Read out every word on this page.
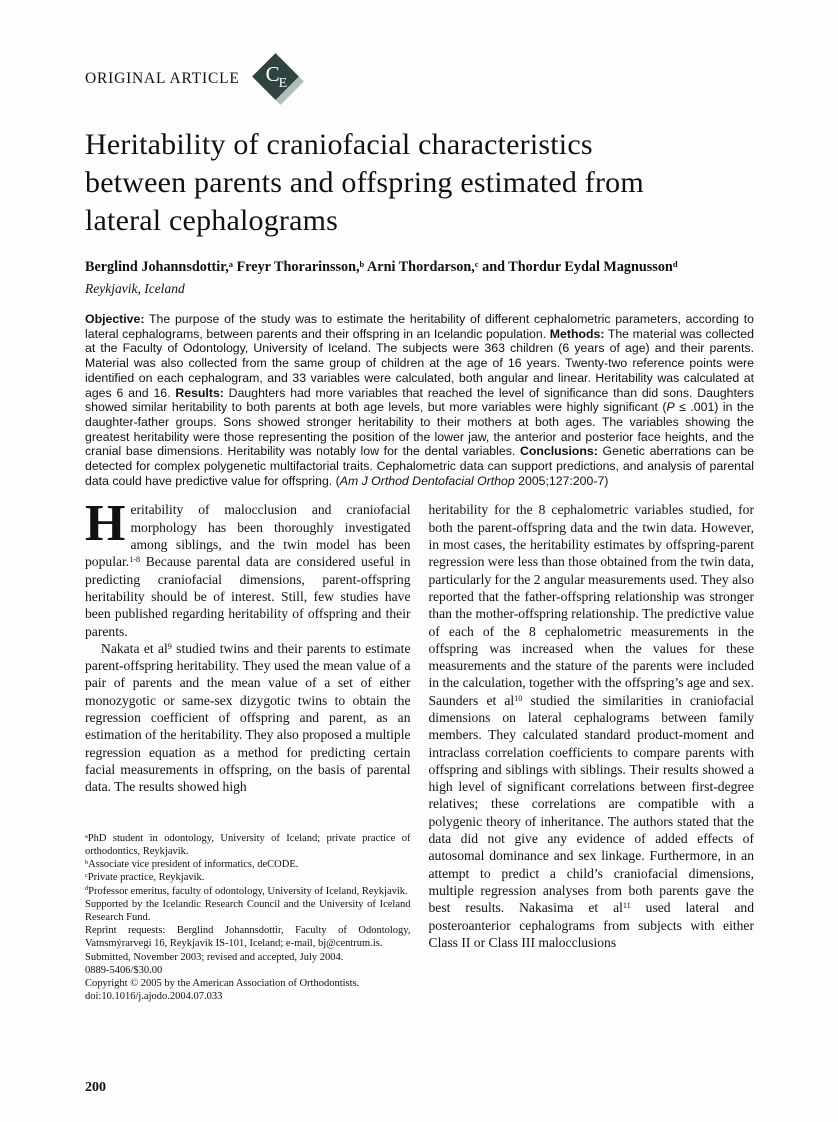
ORIGINAL ARTICLE C
E
Heritability of craniofacial characteristics
between parents and offspring estimated from
lateral cephalograms

Berglind Johannsdottir,$^a$ Freyr Thorarinsson,$^b$ Arni Thordarson,$^c$ and Thordur Eydal Magnusson$^d$

Reykjavik, Iceland

Objective: The purpose of the study was to estimate the heritability of different cephalometric parameters, according to lateral cephalograms, between parents and their offspring in an Icelandic population. Methods: The material was collected at the Faculty of Odontology, University of Iceland. The subjects were 363 children (6 years of age) and their parents. Material was also collected from the same group of children at the age of 16 years. Twenty-two reference points were identified on each cephalogram, and 33 variables were calculated, both angular and linear. Heritability was calculated at ages 6 and 16. Results: Daughters had more variables that reached the level of significance than did sons. Daughters showed similar heritability to both parents at both age levels, but more variables were highly significant (P ≤ .001) in the daughter-father groups. Sons showed stronger heritability to their mothers at both ages. The variables showing the greatest heritability were those representing the position of the lower jaw, the anterior and posterior face heights, and the cranial base dimensions. Heritability was notably low for the dental variables. Conclusions: Genetic aberrations can be detected for complex polygenetic multifactorial traits. Cephalometric data can support predictions, and analysis of parental data could have predictive value for offspring. (Am J Orthod Dentofacial Orthop 2005;127:200-7)

Heritability of malocclusion and craniofacial morphology has been thoroughly investigated among siblings, and the twin model has been popular.$^{1-8}$ Because parental data are considered useful in predicting craniofacial dimensions, parent-offspring heritability should be of interest. Still, few studies have been published regarding heritability of offspring and their parents.

Nakata et $al^9$ studied twins and their parents to estimate parent-offspring heritability. They used the mean value of a pair of parents and the mean value of a set of either monozygotic or same-sex dizygotic twins to obtain the regression coefficient of offspring and parent, as an estimation of the heritability. They also proposed a multiple regression equation as a method for predicting certain facial measurements in offspring, on the basis of parental data. The results showed high

$^a$PhD student in odontology, University of Iceland; private practice of orthodontics, Reykjavik.

$^b$Associate vice president of informatics, deCODE.

$^c$Private practice, Reykjavik.

$^d$Professor emeritus, faculty of odontology, University of Iceland, Reykjavik.

Supported by the Icelandic Research Council and the University of Iceland Research Fund.

Reprint requests: Berglind Johannsdottir, Faculty of Odontology, Vatnsmýrarvegi 16, Reykjavik IS-101, Iceland; e-mail, bj@centrum.is.

Submitted, November 2003; revised and accepted, July 2004.

0889-5406/$30.00

Copyright © 2005 by the American Association of Orthodontists.

doi:10.1016/j.ajodo.2004.07.033

heritability for the 8 cephalometric variables studied, for both the parent-offspring data and the twin data. However, in most cases, the heritability estimates by offspring-parent regression were less than those obtained from the twin data, particularly for the 2 angular measurements used. They also reported that the father-offspring relationship was stronger than the mother-offspring relationship. The predictive value of each of the 8 cephalometric measurements in the offspring was increased when the values for these measurements and the stature of the parents were included in the calculation, together with the offspring’s age and sex. Saunders et $al^{10}$ studied the similarities in craniofacial dimensions on lateral cephalograms between family members. They calculated standard product-moment and intraclass correlation coefficients to compare parents with offspring and siblings with siblings. Their results showed a high level of significant correlations between first-degree relatives; these correlations are compatible with a polygenic theory of inheritance. The authors stated that the data did not give any evidence of added effects of autosomal dominance and sex linkage. Furthermore, in an attempt to predict a child’s craniofacial dimensions, multiple regression analyses from both parents gave the best results. Nakasima et $al^{11}$ used lateral and posteroanterior cephalograms from subjects with either Class II or Class III malocclusions

200
